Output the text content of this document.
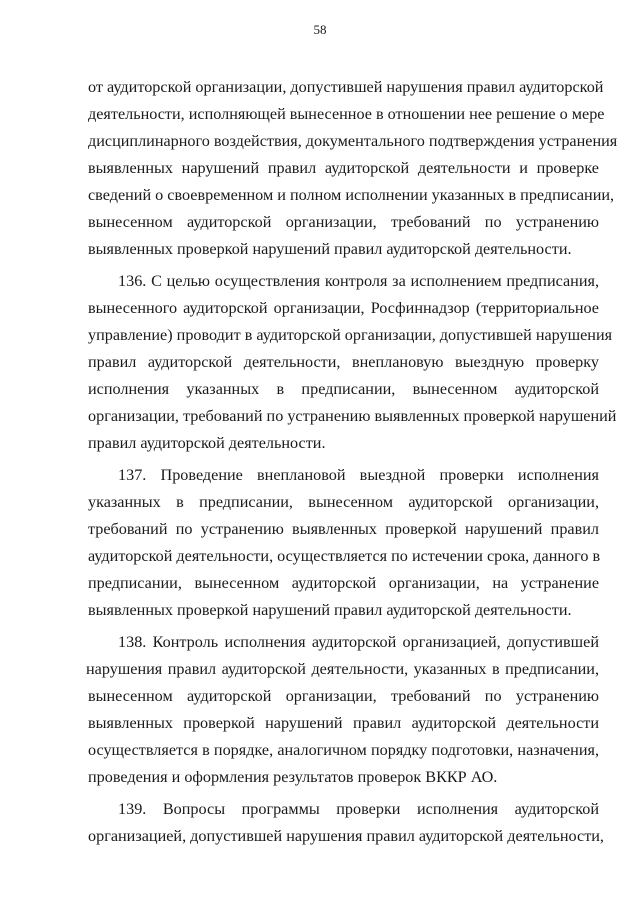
58
от аудиторской организации, допустившей нарушения правил аудиторской
деятельности, исполняющей вынесенное в отношении нее решение о мере
дисциплинарного воздействия, документального подтверждения устранения
выявленных нарушений правил аудиторской деятельности и проверке
сведений о своевременном и полном исполнении указанных в предписании,
вынесенном аудиторской организации, требований по устранению
выявленных проверкой нарушений правил аудиторской деятельности.
136. С целью осуществления контроля за исполнением предписания,
вынесенного аудиторской организации, Росфиннадзор (территориальное
управление) проводит в аудиторской организации, допустившей нарушения
правил аудиторской деятельности, внеплановую выездную проверку
исполнения указанных в предписании, вынесенном аудиторской
организации, требований по устранению выявленных проверкой нарушений
правил аудиторской деятельности.
137. Проведение внеплановой выездной проверки исполнения
указанных в предписании, вынесенном аудиторской организации,
требований по устранению выявленных проверкой нарушений правил
аудиторской деятельности, осуществляется по истечении срока, данного в
предписании, вынесенном аудиторской организации, на устранение
выявленных проверкой нарушений правил аудиторской деятельности.
138. Контроль исполнения аудиторской организацией, допустившей
нарушения правил аудиторской деятельности, указанных в предписании,
вынесенном аудиторской организации, требований по устранению
выявленных проверкой нарушений правил аудиторской деятельности
осуществляется в порядке, аналогичном порядку подготовки, назначения,
проведения и оформления результатов проверок ВККР АО.
139. Вопросы программы проверки исполнения аудиторской
организацией, допустившей нарушения правил аудиторской деятельности,
